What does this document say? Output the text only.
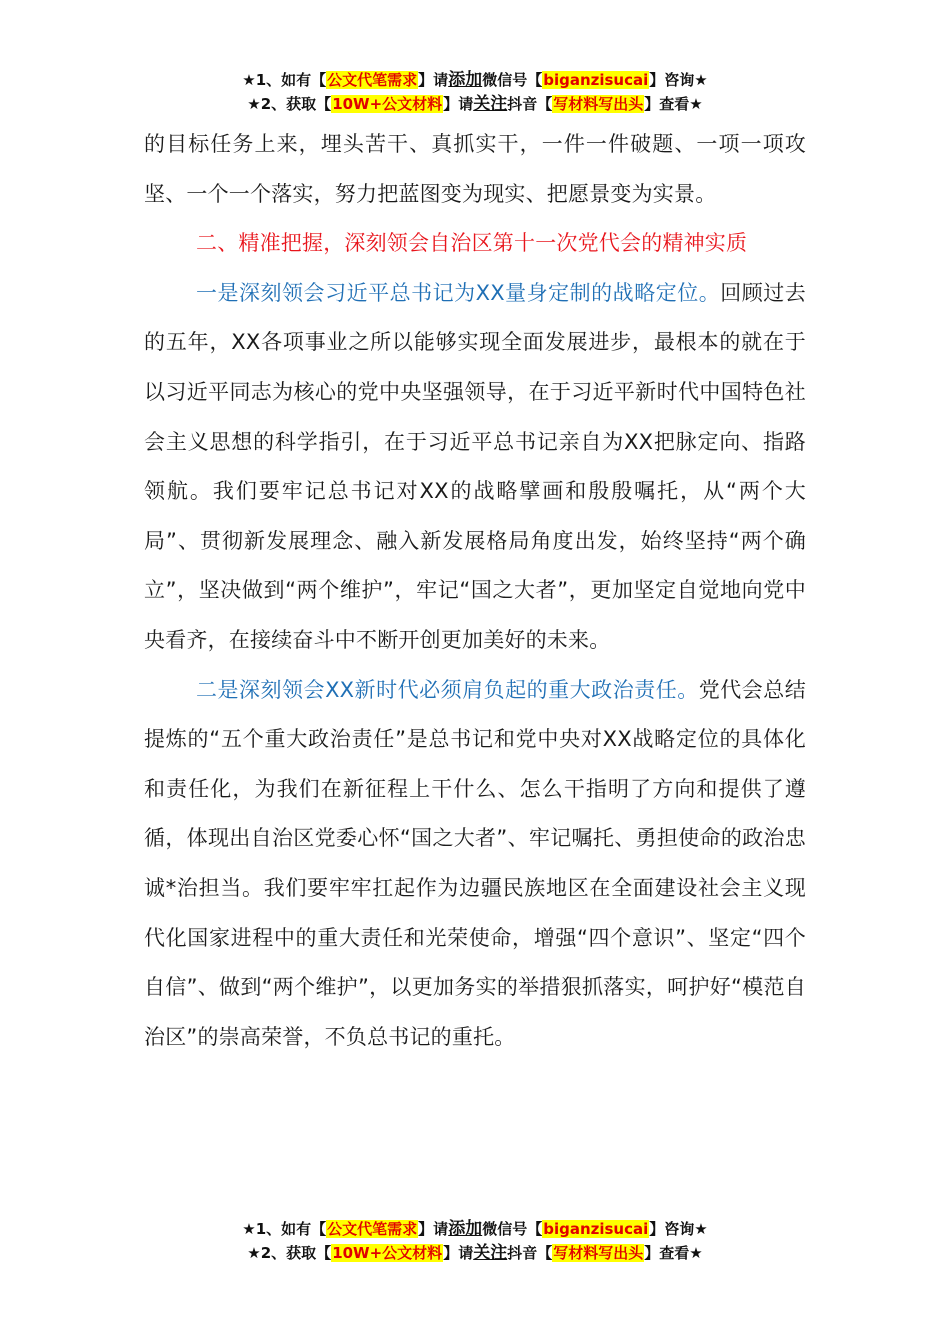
★1、如有【公文代笔需求】请添加微信号【biganzisucai】咨询★
★2、获取【10W+公文材料】请关注抖音【写材料写出头】查看★

的目标任务上来，埋头苦干、真抓实干，一件一件破题、一项一项攻坚、一个一个落实，努力把蓝图变为现实、把愿景变为实景。

二、精准把握，深刻领会自治区第十一次党代会的精神实质

一是深刻领会习近平总书记为XX量身定制的战略定位。回顾过去的五年，XX各项事业之所以能够实现全面发展进步，最根本的就在于以习近平同志为核心的党中央坚强领导，在于习近平新时代中国特色社会主义思想的科学指引，在于习近平总书记亲自为XX把脉定向、指路领航。我们要牢记总书记对XX的战略擘画和殷殷嘱托，从“两个大局”、贯彻新发展理念、融入新发展格局角度出发，始终坚持“两个确立”，坚决做到“两个维护”，牢记“国之大者”，更加坚定自觉地向党中央看齐，在接续奋斗中不断开创更加美好的未来。

二是深刻领会XX新时代必须肩负起的重大政治责任。党代会总结提炼的“五个重大政治责任”是总书记和党中央对XX战略定位的具体化和责任化，为我们在新征程上干什么、怎么干指明了方向和提供了遵循，体现出自治区党委心怀“国之大者”、牢记嘱托、勇担使命的政治忠诚*治担当。我们要牢牢扛起作为边疆民族地区在全面建设社会主义现代化国家进程中的重大责任和光荣使命，增强“四个意识”、坚定“四个自信”、做到“两个维护”，以更加务实的举措狠抓落实，呵护好“模范自治区”的崇高荣誉，不负总书记的重托。

★1、如有【公文代笔需求】请添加微信号【biganzisucai】咨询★
★2、获取【10W+公文材料】请关注抖音【写材料写出头】查看★
